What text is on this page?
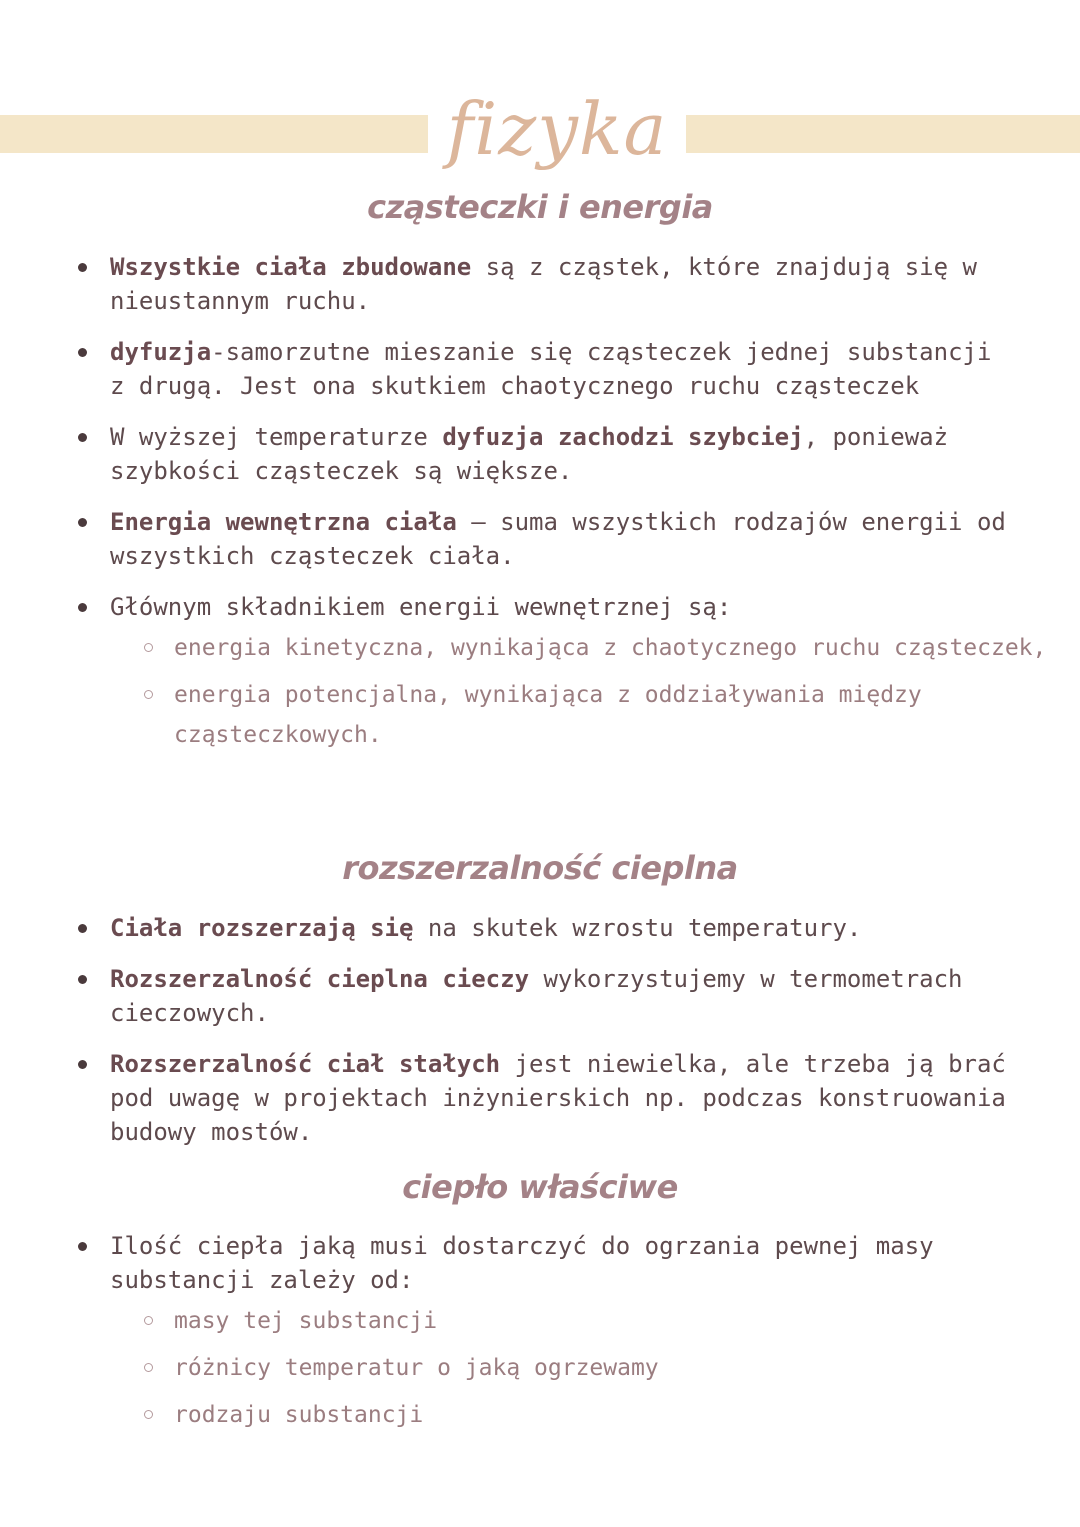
fizyka
cząsteczki i energia
Wszystkie ciała zbudowane są z cząstek, które znajdują się w nieustannym ruchu.
dyfuzja-samorzutne mieszanie się cząsteczek jednej substancji z drugą. Jest ona skutkiem chaotycznego ruchu cząsteczek
W wyższej temperaturze dyfuzja zachodzi szybciej, ponieważ szybkości cząsteczek są większe.
Energia wewnętrzna ciała – suma wszystkich rodzajów energii od wszystkich cząsteczek ciała.
Głównym składnikiem energii wewnętrznej są:
energia kinetyczna, wynikająca z chaotycznego ruchu cząsteczek,
energia potencjalna, wynikająca z oddziaływania między cząsteczkowych.
rozszerzalność cieplna
Ciała rozszerzają się na skutek wzrostu temperatury.
Rozszerzalność cieplna cieczy wykorzystujemy w termometrach cieczowych.
Rozszerzalność ciał stałych jest niewielka, ale trzeba ją brać pod uwagę w projektach inżynierskich np. podczas konstruowania budowy mostów.
ciepło właściwe
Ilość ciepła jaką musi dostarczyć do ogrzania pewnej masy substancji zależy od:
masy tej substancji
różnicy temperatur o jaką ogrzewamy
rodzaju substancji
